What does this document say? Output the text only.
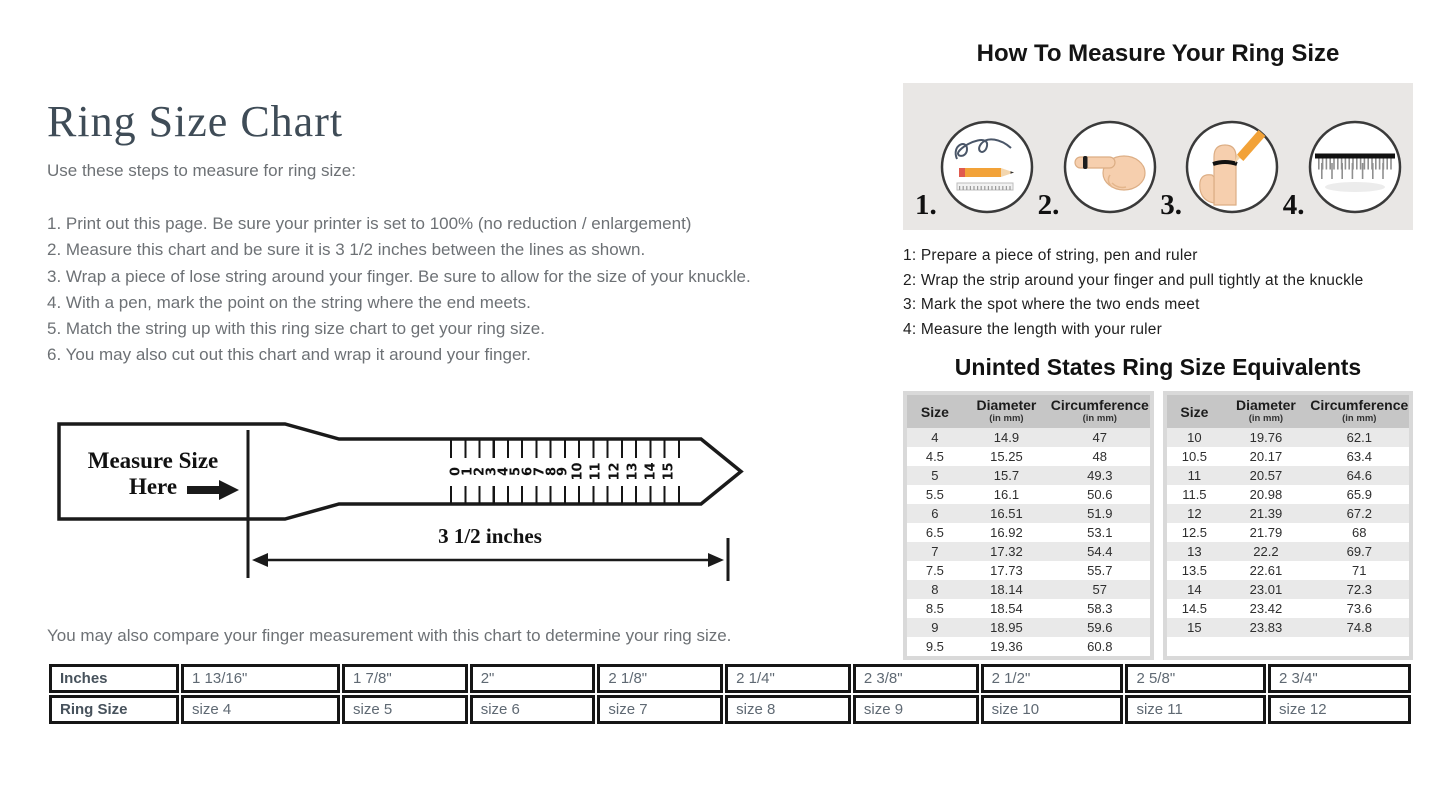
Ring Size Chart

Use these steps to measure for ring size:

1. Print out this page. Be sure your printer is set to 100% (no reduction / enlargement)
2. Measure this chart and be sure it is 3 1/2 inches between the lines as shown.
3. Wrap a piece of lose string around your finger. Be sure to allow for the size of your knuckle.
4. With a pen, mark the point on the string where the end meets.
5. Match the string up with this ring size chart to get your ring size.
6. You may also cut out this chart and wrap it around your finger.
Measure Size Here
0
1
2
3
4
5
6
7
8
9 10 11 12 13 14 15
3 1/2 inches

You may also compare your finger measurement with this chart to determine your ring size.

How To Measure Your Ring Size
1.	2.	3.	4.
1: Prepare a piece of string, pen and ruler
2: Wrap the strip around your finger and pull tightly at the knuckle
3: Mark the spot where the two ends meet
4: Measure the length with your ruler
Uninted States Ring Size Equivalents
Size	Diameter
(in mm)

Circumference
(in mm)

4	14.9	47
4.5	15.25	48
5	15.7	49.3
5.5	16.1	50.6
6	16.51	51.9
6.5	16.92	53.1
7	17.32	54.4
7.5	17.73	55.7
8	18.14	57
8.5	18.54	58.3
9	18.95	59.6
9.5	19.36	60.8
Size	Diameter
(in mm)

Circumference
(in mm)

10	19.76	62.1
10.5	20.17	63.4
11	20.57	64.6
11.5	20.98	65.9
12	21.39	67.2
12.5	21.79	68
13	22.2	69.7
13.5	22.61	71
14	23.01	72.3
14.5	23.42	73.6
15	23.83	74.8
Inches	1 13/16"	1 7/8"	2"	2 1/8"	2 1/4"	2 3/8"	2 1/2"	2 5/8"	2 3/4"
Ring Size	size 4	size 5	size 6	size 7	size 8	size 9	size 10	size 11	size 12
